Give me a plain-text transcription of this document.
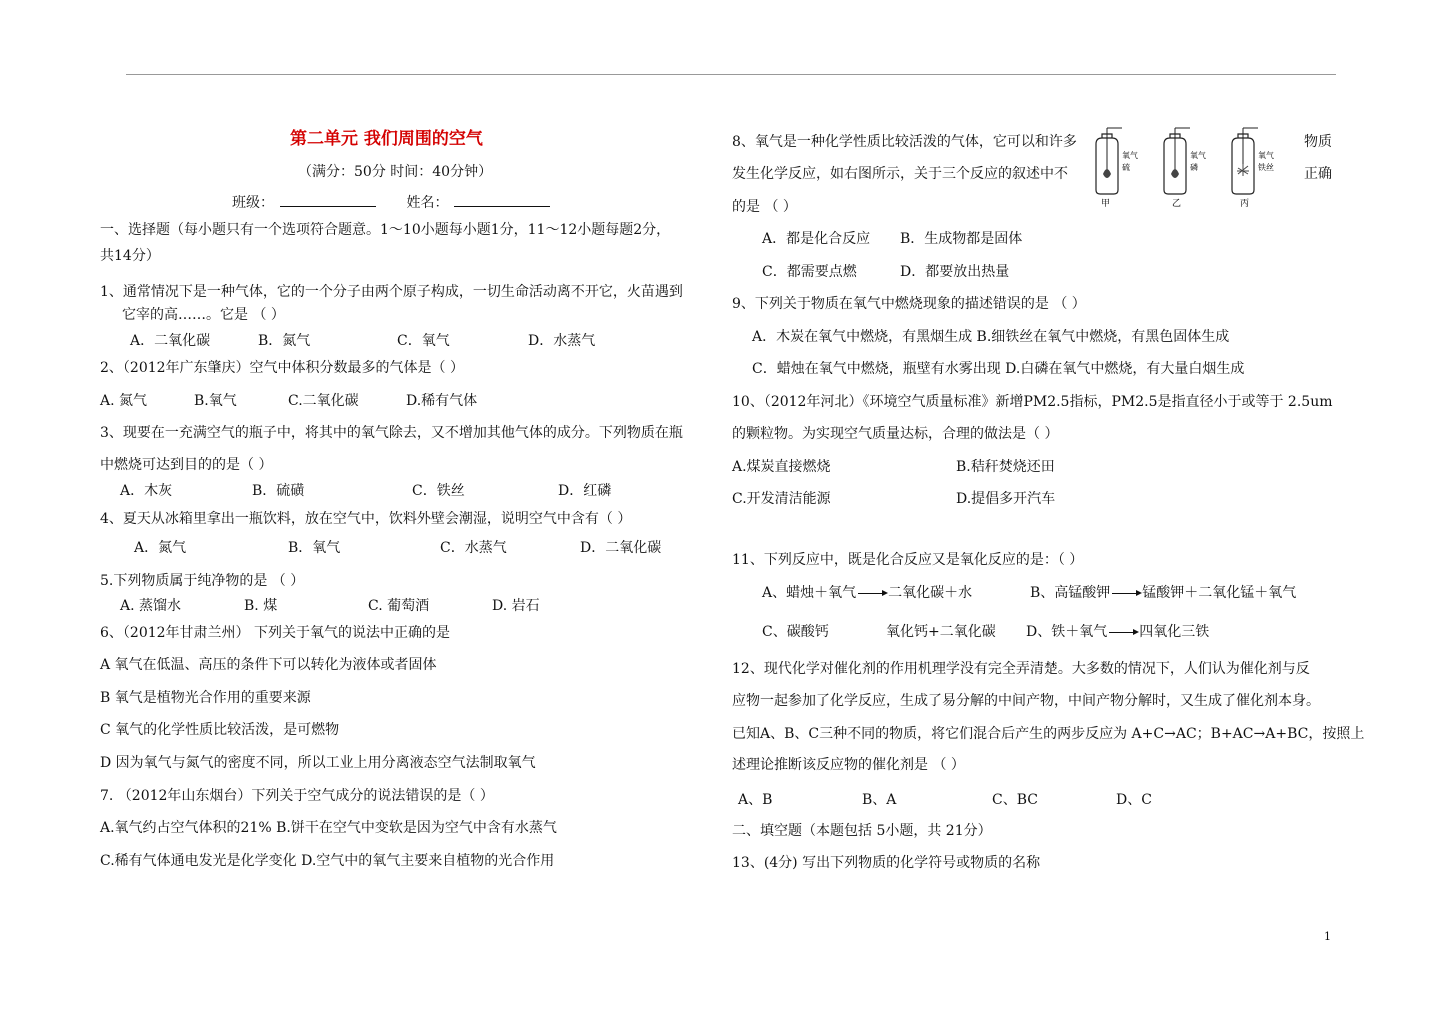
第二单元 我们周围的空气
（满分：50分 时间：40分钟）
班级：	姓名：
一、选择题（每小题只有一个选项符合题意。1～10小题每小题1分，11～12小题每题2分，
共14分）
1、通常情况下是一种气体，它的一个分子由两个原子构成，一切生命活动离不开它，火苗遇到
它宰的高……。它是 （ ）
A．二氧化碳	B．氮气	C．氧气	D．水蒸气
2、（2012年广东肇庆）空气中体积分数最多的气体是（ ）
A. 氮气	B.氧气	C.二氧化碳	D.稀有气体
3、现要在一充满空气的瓶子中，将其中的氧气除去，又不增加其他气体的成分。下列物质在瓶
中燃烧可达到目的的是（ ）
A．木灰	B．硫磺	C．铁丝	D．红磷
4、夏天从冰箱里拿出一瓶饮料，放在空气中，饮料外壁会潮湿，说明空气中含有（ ）
A．氮气	B．氧气	C．水蒸气	D．二氧化碳
5.下列物质属于纯净物的是 （ ）
A. 蒸馏水	B. 煤	C. 葡萄酒	D. 岩石
6、（2012年甘肃兰州） 下列关于氧气的说法中正确的是
A 氧气在低温、高压的条件下可以转化为液体或者固体
B 氧气是植物光合作用的重要来源
C 氧气的化学性质比较活泼，是可燃物
D 因为氧气与氮气的密度不同，所以工业上用分离液态空气法制取氧气
7. （2012年山东烟台）下列关于空气成分的说法错误的是（ ）
A.氧气约占空气体积的21% B.饼干在空气中变软是因为空气中含有水蒸气
C.稀有气体通电发光是化学变化 D.空气中的氧气主要来自植物的光合作用
8、氧气是一种化学性质比较活泼的气体，它可以和许多	物质
发生化学反应，如右图所示，关于三个反应的叙述中不	正确
的是 （ ）
A．都是化合反应 B．生成物都是固体
C．都需要点燃	D．都要放出热量
氧气
硫
甲
氧气
磷
乙
氧气
铁丝
丙
9、下列关于物质在氧气中燃烧现象的描述错误的是 （ ）
A．木炭在氧气中燃烧，有黑烟生成 B.细铁丝在氧气中燃烧，有黑色固体生成
C．蜡烛在氧气中燃烧，瓶壁有水雾出现 D.白磷在氧气中燃烧，有大量白烟生成
10、（2012年河北）《环境空气质量标准》新增PM2.5指标，PM2.5是指直径小于或等于 2.5um
的颗粒物。为实现空气质量达标，合理的做法是（ ）
A.煤炭直接燃烧	B.秸秆焚烧还田
C.开发清洁能源	D.提倡多开汽车
11、下列反应中，既是化合反应又是氧化反应的是：（ ）
A、蜡烛＋氧气 → 二氧化碳＋水	B、高锰酸钾 → 锰酸钾＋二氧化锰＋氧气
C、碳酸钙	氧化钙+二氧化碳 D、铁＋氧气 → 四氧化三铁
12、现代化学对催化剂的作用机理学没有完全弄清楚。大多数的情况下，人们认为催化剂与反
应物一起参加了化学反应，生成了易分解的中间产物，中间产物分解时，又生成了催化剂本身。
已知A、B、C三种不同的物质，将它们混合后产生的两步反应为 A+C→AC；B+AC→A+BC，按照上
述理论推断该反应物的催化剂是 （ ）
A、B	B、A	C、BC	D、C
二、填空题（本题包括 5小题，共 21分）
13、(4分) 写出下列物质的化学符号或物质的名称
1
